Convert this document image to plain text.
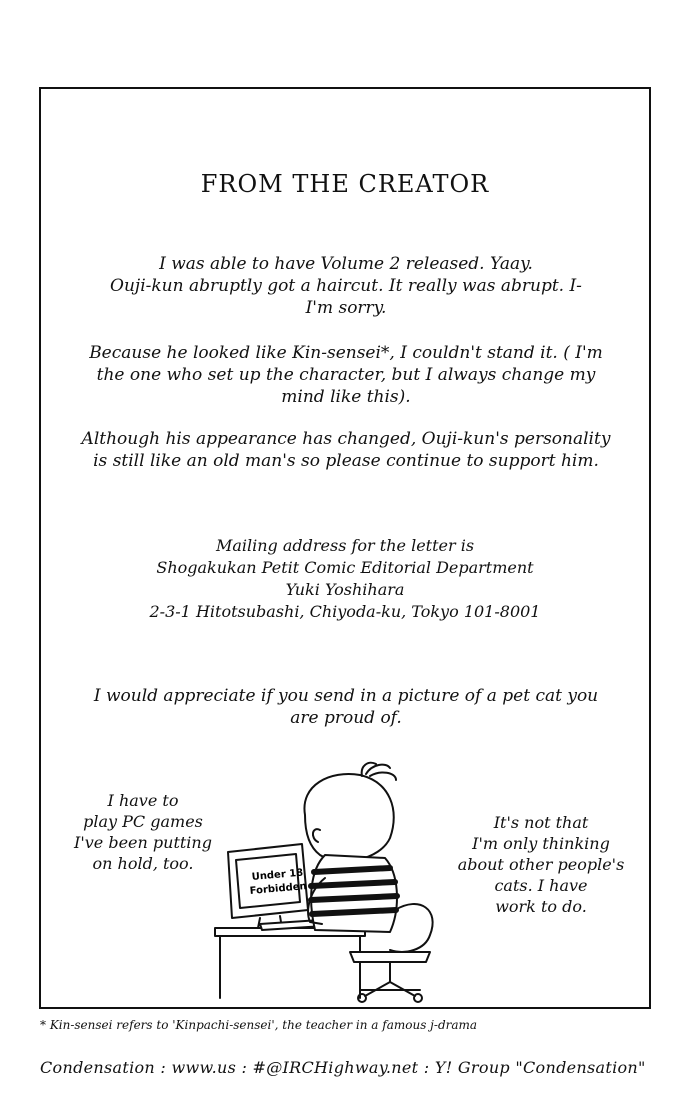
FROM THE CREATOR
I was able to have Volume 2 released. Yaay.
Ouji-kun abruptly got a haircut. It really was abrupt. I-
I'm sorry.
Because he looked like Kin-sensei*, I couldn't stand it. ( I'm
the one who set up the character, but I always change my
mind like this).
Although his appearance has changed, Ouji-kun's personality
is still like an old man's so please continue to support him.
Mailing address for the letter is
Shogakukan Petit Comic Editorial Department
Yuki Yoshihara
2-3-1 Hitotsubashi, Chiyoda-ku, Tokyo 101-8001
I would appreciate if you send in a picture of a pet cat you
are proud of.
I have to
play PC games
I've been putting
on hold, too.
It's not that
I'm only thinking
about other people's
cats. I have
work to do.
Under 18
Forbidden
* Kin-sensei refers to 'Kinpachi-sensei', the teacher in a famous j-drama
Condensation : www.us : #@IRCHighway.net : Y! Group "Condensation"
